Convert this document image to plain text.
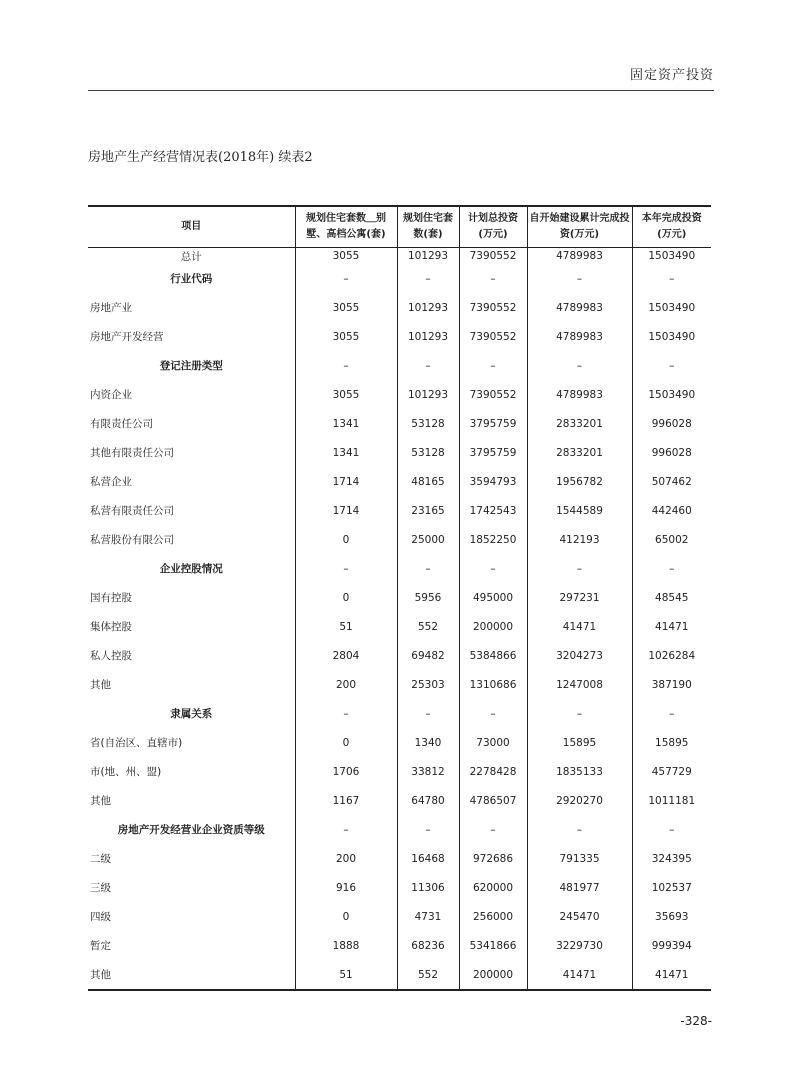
固定资产投资
房地产生产经营情况表(2018年) 续表2
项目	规划住宅套数＿别墅、高档公寓(套)	规划住宅套数(套)	计划总投资(万元)	自开始建设累计完成投资(万元)	本年完成投资(万元)
总计	3055	101293	7390552	4789983	1503490
行业代码	–	–	–	–	–
房地产业	3055	101293	7390552	4789983	1503490
房地产开发经营	3055	101293	7390552	4789983	1503490
登记注册类型	–	–	–	–	–
内资企业	3055	101293	7390552	4789983	1503490
有限责任公司	1341	53128	3795759	2833201	996028
其他有限责任公司	1341	53128	3795759	2833201	996028
私营企业	1714	48165	3594793	1956782	507462
私营有限责任公司	1714	23165	1742543	1544589	442460
私营股份有限公司	0	25000	1852250	412193	65002
企业控股情况	–	–	–	–	–
国有控股	0	5956	495000	297231	48545
集体控股	51	552	200000	41471	41471
私人控股	2804	69482	5384866	3204273	1026284
其他	200	25303	1310686	1247008	387190
隶属关系	–	–	–	–	–
省(自治区、直辖市)	0	1340	73000	15895	15895
市(地、州、盟)	1706	33812	2278428	1835133	457729
其他	1167	64780	4786507	2920270	1011181
房地产开发经营业企业资质等级	–	–	–	–	–
二级	200	16468	972686	791335	324395
三级	916	11306	620000	481977	102537
四级	0	4731	256000	245470	35693
暂定	1888	68236	5341866	3229730	999394
其他	51	552	200000	41471	41471
-328-
